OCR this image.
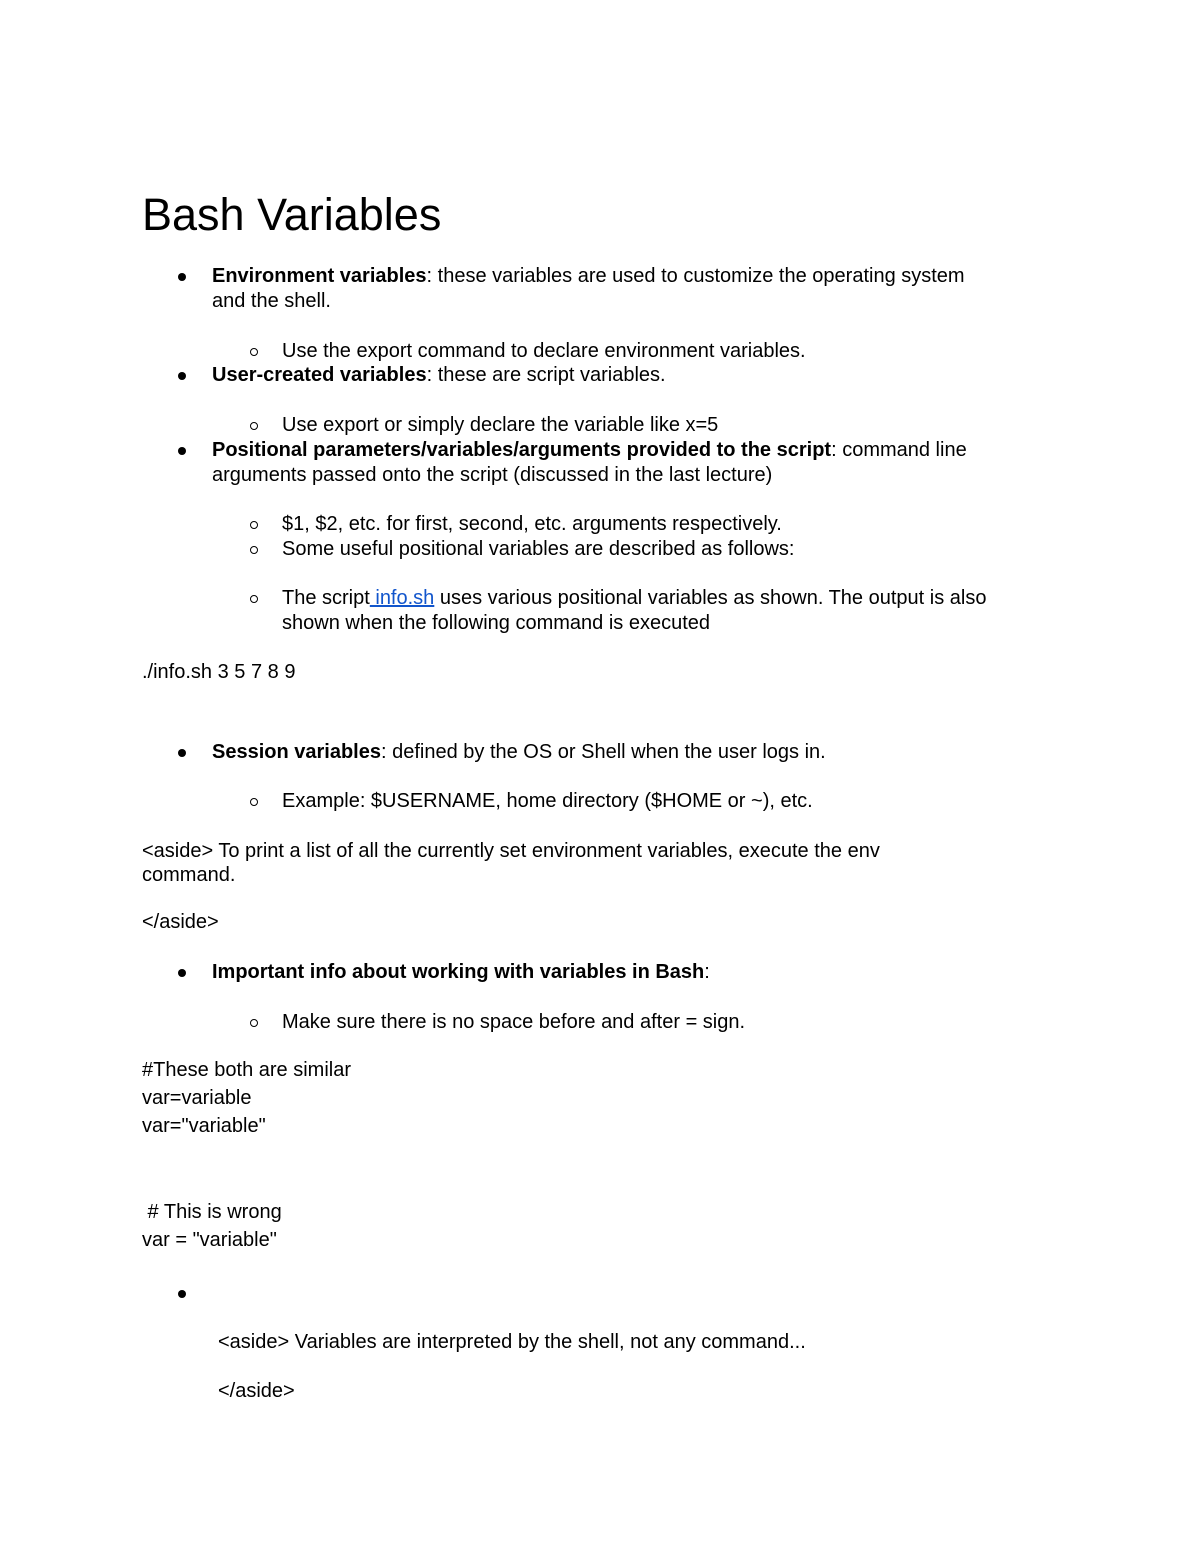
Bash Variables
Environment variables: these variables are used to customize the operating system
and the shell.
Use the export command to declare environment variables.
User-created variables: these are script variables.
Use export or simply declare the variable like x=5
Positional parameters/variables/arguments provided to the script: command line
arguments passed onto the script (discussed in the last lecture)
$1, $2, etc. for first, second, etc. arguments respectively.
Some useful positional variables are described as follows:
The script info.sh uses various positional variables as shown. The output is also
shown when the following command is executed
./info.sh 3 5 7 8 9
Session variables: defined by the OS or Shell when the user logs in.
Example: $USERNAME, home directory ($HOME or ~), etc.
<aside> To print a list of all the currently set environment variables, execute the env
command.
</aside>
Important info about working with variables in Bash:
Make sure there is no space before and after = sign.
#These both are similar
var=variable
var="variable"
# This is wrong
var = "variable"
<aside> Variables are interpreted by the shell, not any command...
</aside>
